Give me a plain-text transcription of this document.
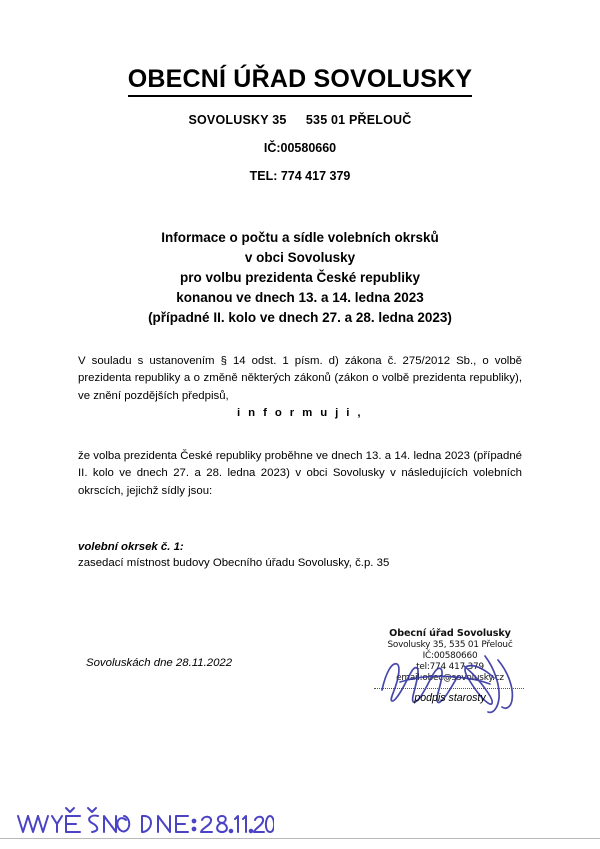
OBECNÍ ÚŘAD SOVOLUSKY
SOVOLUSKY 35 535 01 PŘELOUČ
IČ:00580660
TEL: 774 417 379
Informace o počtu a sídle volebních okrsků
v obci Sovolusky
pro volbu prezidenta České republiky
konanou ve dnech 13. a 14. ledna 2023
(případné II. kolo ve dnech 27. a 28. ledna 2023)
V souladu s ustanovením § 14 odst. 1 písm. d) zákona č. 275/2012 Sb., o volbě prezidenta republiky a o změně některých zákonů (zákon o volbě prezidenta republiky), ve znění pozdějších předpisů,
i n f o r m u j i ,
že volba prezidenta České republiky proběhne ve dnech 13. a 14. ledna 2023 (případné II. kolo ve dnech 27. a 28. ledna 2023) v obci Sovolusky v následujících volebních okrscích, jejichž sídly jsou:
volební okrsek č. 1:
zasedací místnost budovy Obecního úřadu Sovolusky, č.p. 35
Sovoluskách dne 28.11.2022
Obecní úřad Sovolusky
Sovolusky 35, 535 01 Přelouč
IČ:00580660
tel:774 417 379
email:obec@sovolusky.cz
podpis starosty
